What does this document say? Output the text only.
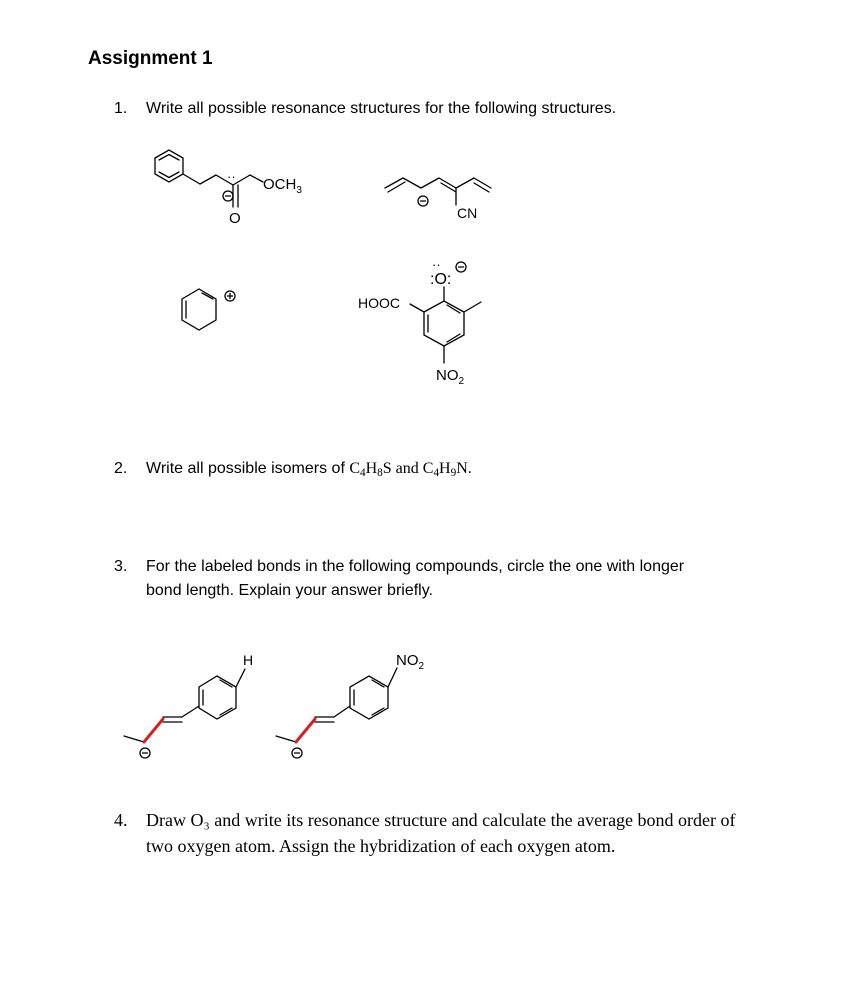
Assignment 1
1.	Write all possible resonance structures for the following structures.
2.	Write all possible isomers of $C_4H_8S$ and $C_4H_9N$.
3.	For the labeled bonds in the following compounds, circle the one with longer
bond length. Explain your answer briefly.
4.	Draw O₃ and write its resonance structure and calculate the average bond order of
two oxygen atom. Assign the hybridization of each oxygen atom.
·· $OCH_3$
O	CN
HOOC
··
:O:
$NO_2$
H	$NO_2$
